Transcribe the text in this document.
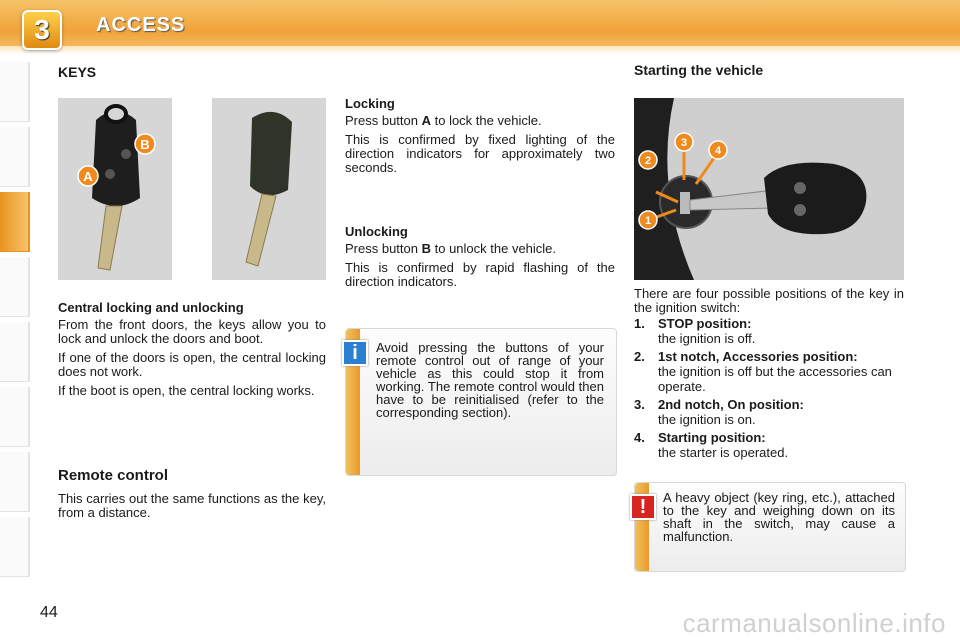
3	ACCESS
KEYS
B
A
Central locking and unlocking
From the front doors, the keys allow you to lock and unlock the doors and boot.
If one of the doors is open, the central locking does not work.
If the boot is open, the central locking works.
Remote control
This carries out the same functions as the key, from a distance.
Locking
Press button A to lock the vehicle.
This is confirmed by fixed lighting of the direction indicators for approximately two seconds.
Unlocking
Press button B to unlock the vehicle.
This is confirmed by rapid flashing of the direction indicators.
Avoid pressing the buttons of your remote control out of range of your vehicle as this could stop it from working. The remote control would then have to be reinitialised (refer to the corresponding section).
i
Starting the vehicle
1
2
3
4
There are four possible positions of the key in the ignition switch:
1. STOP position:
the ignition is off.
2. 1st notch, Accessories position:
the ignition is off but the accessories can operate.
3. 2nd notch, On position:
the ignition is on.
4. Starting position:
the starter is operated.
A heavy object (key ring, etc.), attached to the key and weighing down on its shaft in the switch, may cause a malfunction.
!
44	carmanualsonline.info
